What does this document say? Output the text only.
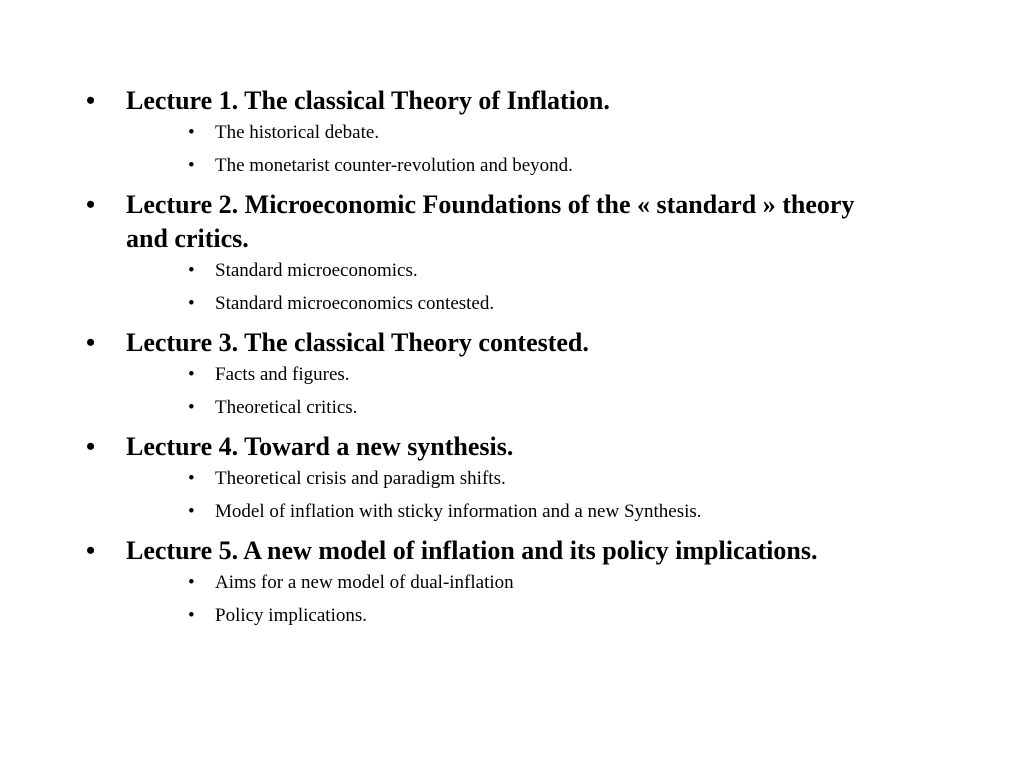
•	Lecture 1. The classical Theory of Inflation.
•	The historical debate.
•	The monetarist counter-revolution and beyond.
•	Lecture 2. Microeconomic Foundations of the « standard » theory
and critics.
•	Standard microeconomics.
•	Standard microeconomics contested.
•	Lecture 3. The classical Theory contested.
•	Facts and figures.
•	Theoretical critics.
•	Lecture 4. Toward a new synthesis.
•	Theoretical crisis and paradigm shifts.
•	Model of inflation with sticky information and a new Synthesis.
•	Lecture 5. A new model of inflation and its policy implications.
•	Aims for a new model of dual-inflation
•	Policy implications.
